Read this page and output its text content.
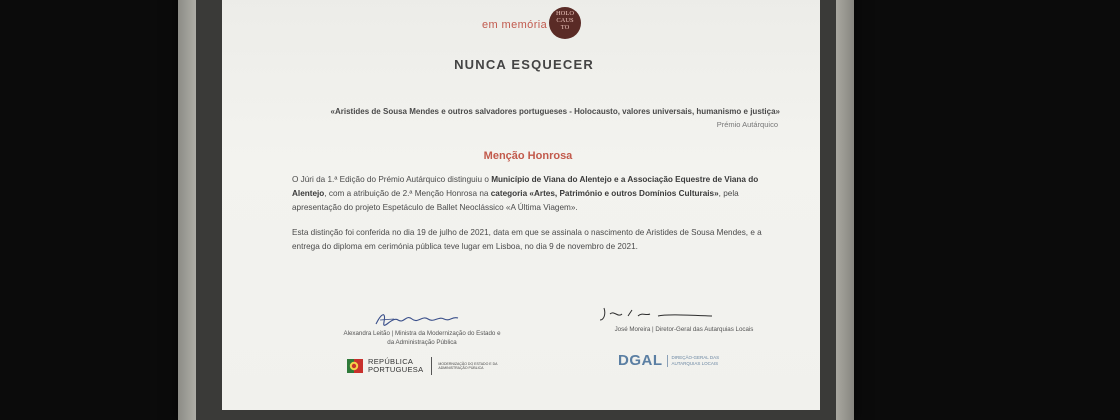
em memória
HOLO
CAUS
TO
NUNCA ESQUECER
«Aristides de Sousa Mendes e outros salvadores portugueses - Holocausto, valores universais, humanismo e justiça»
Prémio Autárquico
Menção Honrosa
O Júri da 1.ª Edição do Prémio Autárquico distinguiu o Município de Viana do Alentejo e a Associação Equestre de Viana do Alentejo, com a atribuição de 2.ª Menção Honrosa na categoria «Artes, Património e outros Domínios Culturais», pela apresentação do projeto Espetáculo de Ballet Neoclássico «A Última Viagem».
Esta distinção foi conferida no dia 19 de julho de 2021, data em que se assinala o nascimento de Aristides de Sousa Mendes, e a entrega do diploma em cerimónia pública teve lugar em Lisboa, no dia 9 de novembro de 2021.
Alexandra Leitão | Ministra da Modernização do Estado e
da Administração Pública
José Moreira | Diretor-Geral das Autarquias Locais
REPÚBLICA
PORTUGUESA
MODERNIZAÇÃO DO ESTADO E DA ADMINISTRAÇÃO PÚBLICA	DGAL DIREÇÃO-GERAL DAS
AUTARQUIAS LOCAIS
